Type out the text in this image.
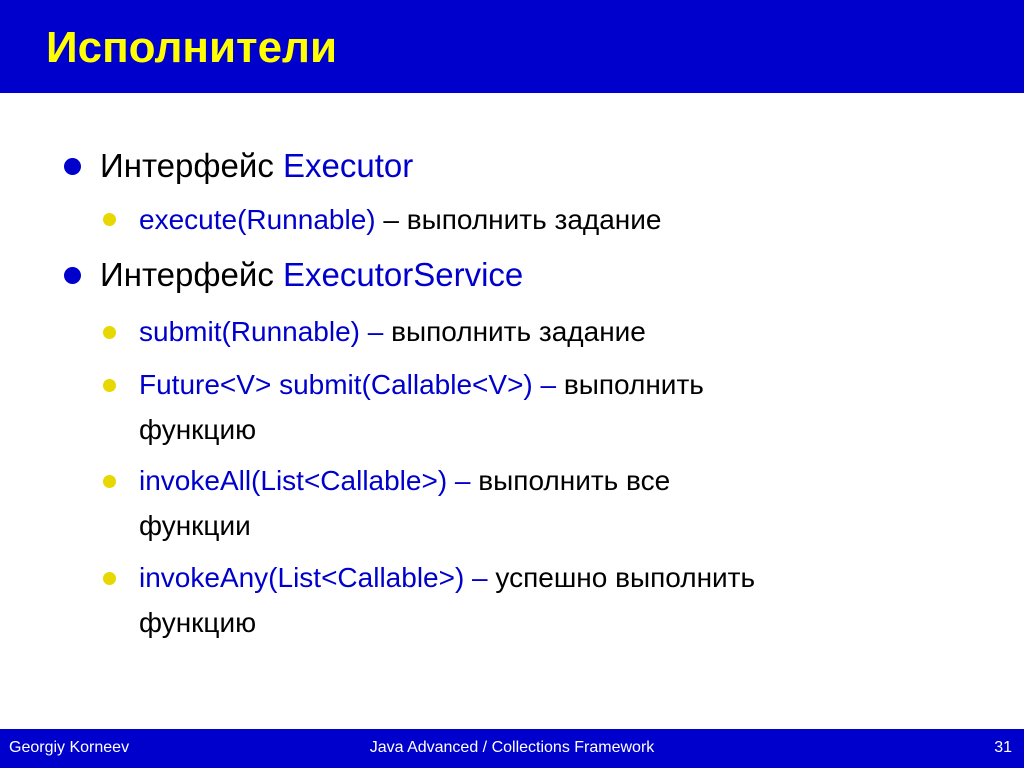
Исполнители
Интерфейс Executor
execute(Runnable) – выполнить задание
Интерфейс ExecutorService
submit(Runnable) – выполнить задание
Future<V> submit(Callable<V>) – выполнить
функцию
invokeAll(List<Callable>) – выполнить все
функции
invokeAny(List<Callable>) – успешно выполнить
функцию
Georgiy Korneev	Java Advanced / Collections Framework	31
